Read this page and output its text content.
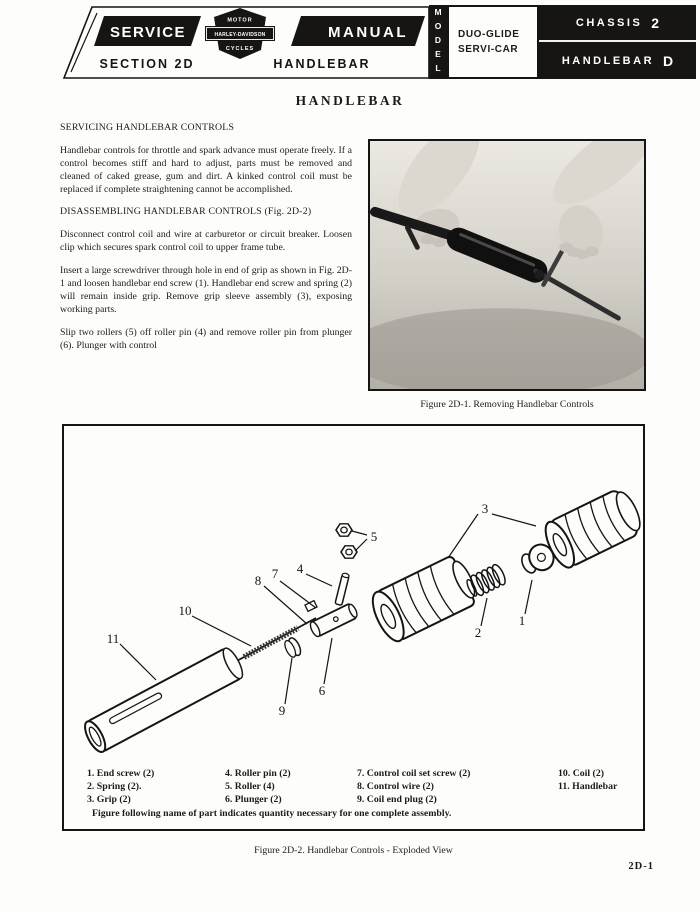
SERVICE	MANUAL
MOTOR
HARLEY-DAVIDSON
CYCLES
SECTION 2D	HANDLEBAR	MODEL DUO-GLIDE
SERVI-CAR
CHASSIS 2
HANDLEBAR D
HANDLEBAR
SERVICING HANDLEBAR CONTROLS

Handlebar controls for throttle and spark advance must operate freely. If a control becomes stiff and hard to adjust, parts must be removed and cleaned of caked grease, gum and dirt. A kinked control coil must be replaced if complete straightening cannot be accomplished.

DISASSEMBLING HANDLEBAR CONTROLS (Fig. 2D-2)

Disconnect control coil and wire at carburetor or circuit breaker. Loosen clip which secures spark control coil to upper frame tube.

Insert a large screwdriver through hole in end of grip as shown in Fig. 2D-1 and loosen handlebar end screw (1). Handlebar end screw and spring (2) will remain inside grip. Remove grip sleeve assembly (3), exposing working parts.

Slip two rollers (5) off roller pin (4) and remove roller pin from plunger (6). Plunger with control

Figure 2D-1. Removing Handlebar Controls
5
4
8 7
10
11
3
2
1
6
9
1. End screw (2)
2. Spring (2).
3. Grip (2)
4. Roller pin (2)
5. Roller (4)
6. Plunger (2)
7. Control coil set screw (2)
8. Control wire (2)
9. Coil end plug (2)
10. Coil (2)
11. Handlebar
Figure following name of part indicates quantity necessary for one complete assembly.
Figure 2D-2. Handlebar Controls - Exploded View
2D-1
